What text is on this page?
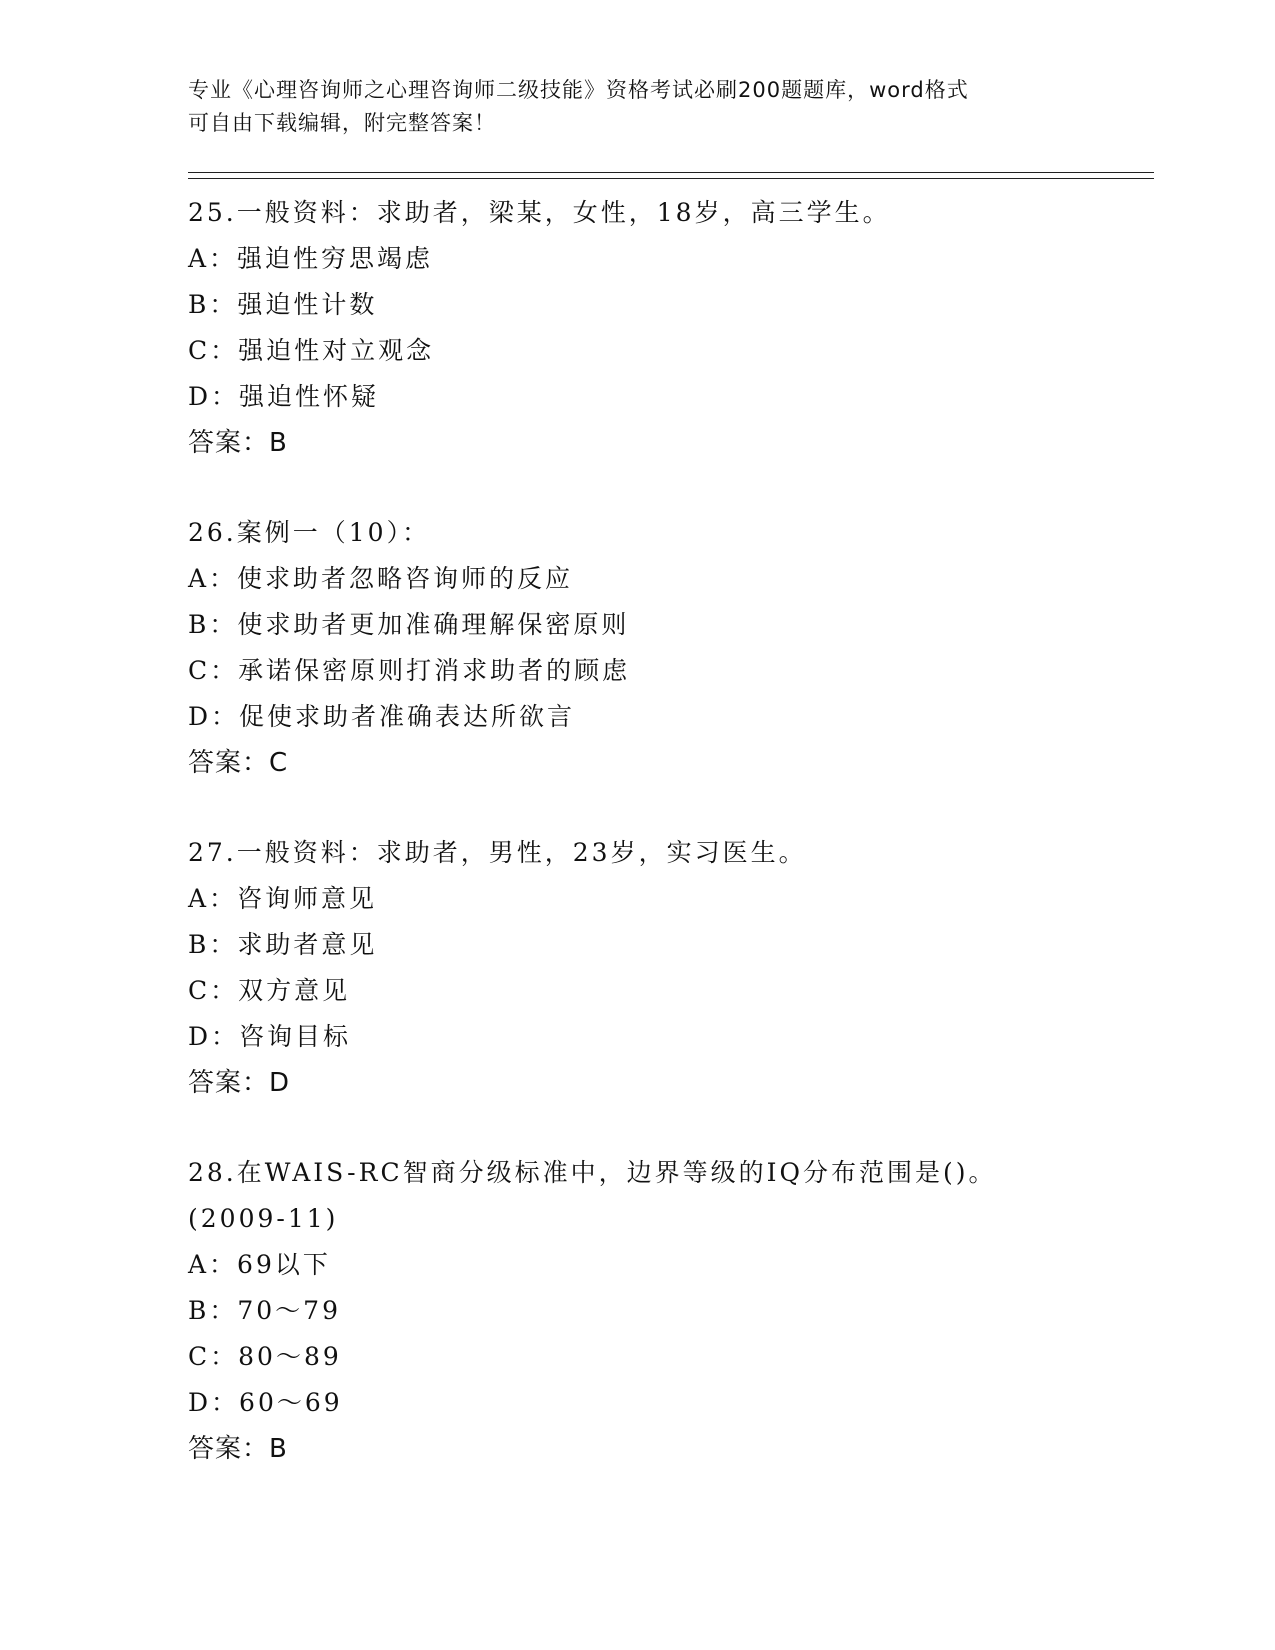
专业《心理咨询师之心理咨询师二级技能》资格考试必刷200题题库，word格式
可自由下载编辑，附完整答案！
25.一般资料：求助者，梁某，女性，18岁，高三学生。
A：强迫性穷思竭虑
B：强迫性计数
C：强迫性对立观念
D：强迫性怀疑
答案：B
26.案例一（10）：
A：使求助者忽略咨询师的反应
B：使求助者更加准确理解保密原则
C：承诺保密原则打消求助者的顾虑
D：促使求助者准确表达所欲言
答案：C
27.一般资料：求助者，男性，23岁，实习医生。
A：咨询师意见
B：求助者意见
C：双方意见
D：咨询目标
答案：D
28.在WAIS-RC智商分级标准中，边界等级的IQ分布范围是()。
(2009-11)
A：69以下
B：70～79
C：80～89
D：60～69
答案：B
